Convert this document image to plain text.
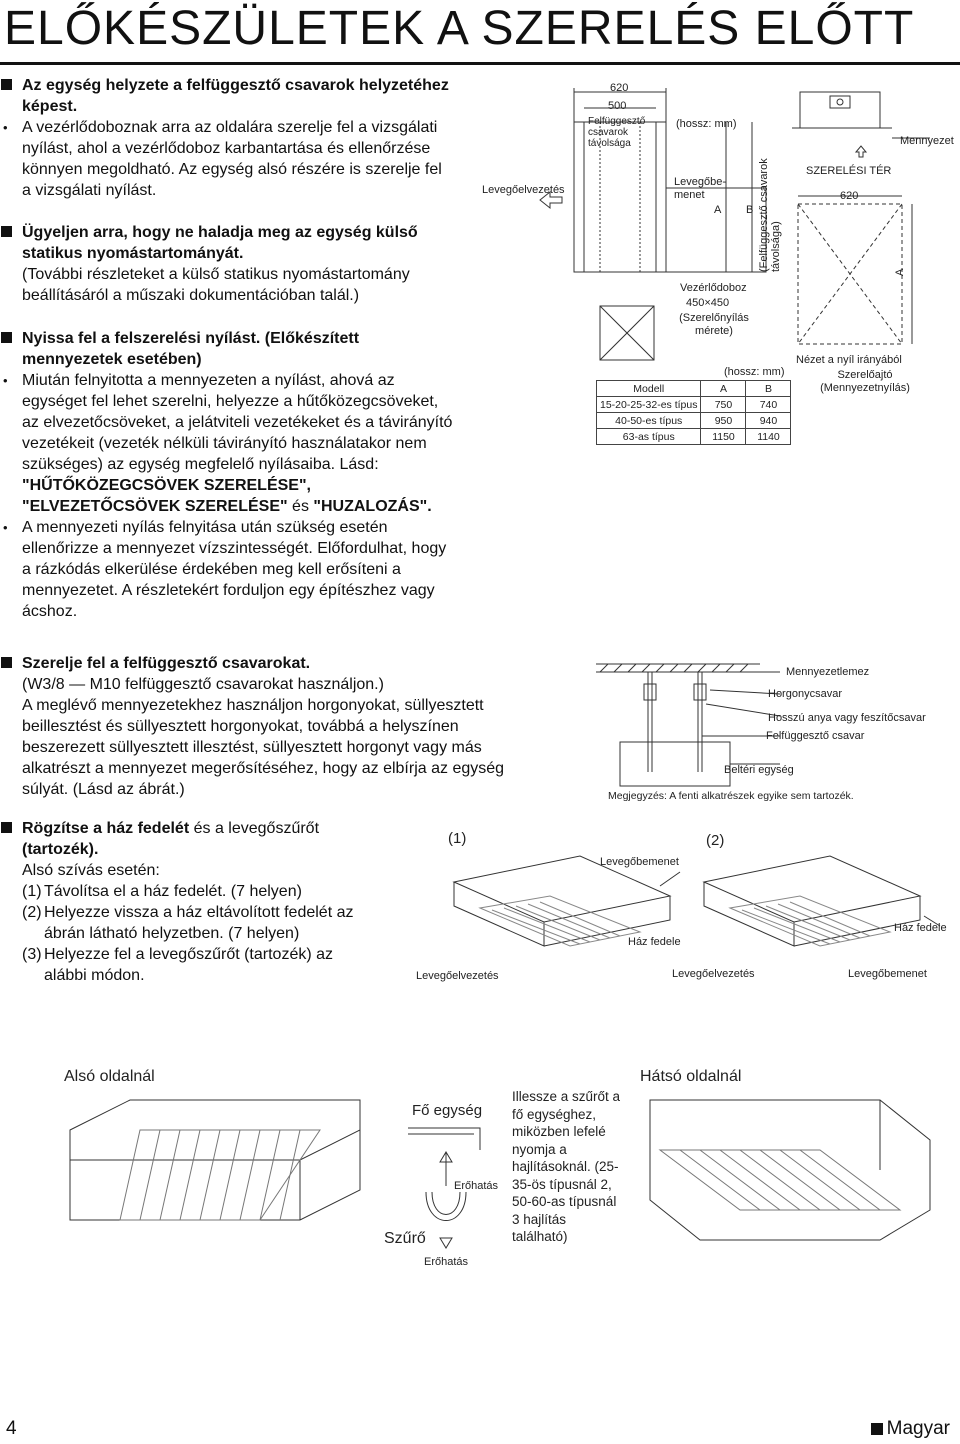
ELŐKÉSZÜLETEK A SZERELÉS ELŐTT
Az egység helyzete a felfüggesztő csavarok helyzetéhez képest.
• A vezérlődoboznak arra az oldalára szerelje fel a vizsgálati nyílást, ahol a vezérlődoboz karbantartása és ellenőrzése könnyen megoldható. Az egység alsó részére is szerelje fel a vizsgálati nyílást.
Ügyeljen arra, hogy ne haladja meg az egység külső statikus nyomástartományát.
(További részleteket a külső statikus nyomástartomány beállításáról a műszaki dokumentációban talál.)
Nyissa fel a felszerelési nyílást. (Előkészített mennyezetek esetében)
• Miután felnyitotta a mennyezeten a nyílást, ahová az egységet fel lehet szerelni, helyezze a hűtőközegcsöveket, az elvezetőcsöveket, a jelátviteli vezetékeket és a távirányító vezetékeit (vezeték nélküli távirányító használatakor nem szükséges) az egység megfelelő nyílásaiba. Lásd: "HŰTŐKÖZEGCSÖVEK SZERELÉSE", "ELVEZETŐCSÖVEK SZERELÉSE" és "HUZALOZÁS".
• A mennyezeti nyílás felnyitása után szükség esetén ellenőrizze a mennyezet vízszintességét. Előfordulhat, hogy a rázkódás elkerülése érdekében meg kell erősíteni a mennyezetet. A részletekért forduljon egy építészhez vagy ácshoz.
Szerelje fel a felfüggesztő csavarokat.
(W3/8 — M10 felfüggesztő csavarokat használjon.)
A meglévő mennyezetekhez használjon horgonyokat, süllyesztett beillesztést és süllyesztett horgonyokat, továbbá a helyszínen beszerezett süllyesztett illesztést, süllyesztett horgonyt vagy más alkatrészt a mennyezet megerősítéséhez, hogy az elbírja az egység súlyát. (Lásd az ábrát.)
Rögzítse a ház fedelét és a levegőszűrőt (tartozék).
Alsó szívás esetén:
(1) Távolítsa el a ház fedelét. (7 helyen)
(2) Helyezze vissza a ház eltávolított fedelét az ábrán látható helyzetben. (7 helyen)
(3) Helyezze fel a levegőszűrőt (tartozék) az alábbi módon.
620
500
Felfüggesztő csavarok távolsága
(hossz: mm)
Levegőelvezetés
Levegőbe-menet
A B (Felfüggesztő csavarok távolsága)
Vezérlődoboz
450×450
(Szerelőnyílás mérete)
(hossz: mm)
Modell	A	B
15-20-25-32-es típus	750	740
40-50-es típus	950	940
63-as típus	1150	1140
Mennyezet
SZERELÉSI TÉR
620
A
Nézet a nyíl irányából
Szerelőajtó (Mennyezetnyílás)
Mennyezetlemez
Horgonycsavar
Hosszú anya vagy feszítőcsavar
Felfüggesztő csavar
Beltéri egység
Megjegyzés: A fenti alkatrészek egyike sem tartozék.
(1)	(2)
Levegőbemenet
Ház fedele
Levegőelvezetés	Levegőelvezetés
Ház fedele
Levegőbemenet
Alsó oldalnál	Hátsó oldalnál
Fő egység
Erőhatás
Szűrő
Erőhatás
Illessze a szűrőt a fő egységhez, miközben lefelé nyomja a hajlításoknál. (25-35-ös típusnál 2, 50-60-as típusnál 3 hajlítás található)
4	Magyar
